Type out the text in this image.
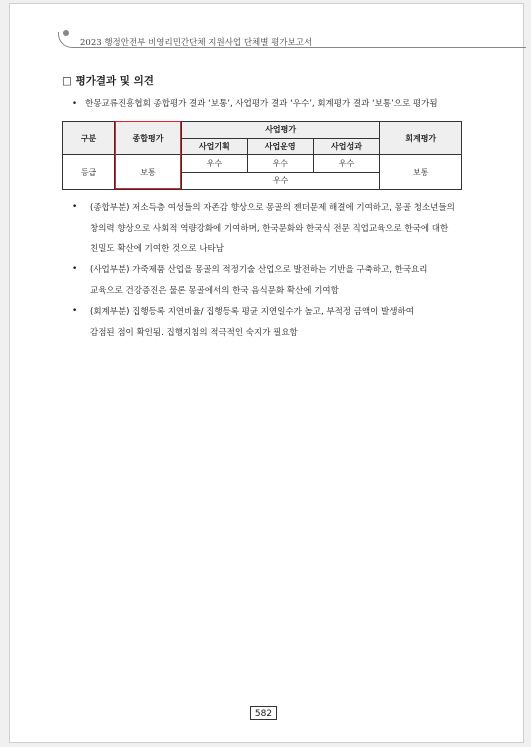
2023 행정안전부 비영리민간단체 지원사업 단체별 평가보고서
□ 평가결과 및 의견
• 한몽교류진흥협회 종합평가 결과 ‘보통’, 사업평가 결과 ‘우수’, 회계평가 결과 ‘보통’으로 평가됨
구분	종합평가	사업평가			회계평가
		사업기획	사업운영	사업성과	
등급	보통	우수	우수	우수	보통
		우수			
• (종합부분) 저소득층 여성들의 자존감 향상으로 몽골의 젠더문제 해결에 기여하고, 몽골 청소년들의
창의력 향상으로 사회적 역량강화에 기여하며, 한국문화와 한국식 전문 직업교육으로 한국에 대한
친밀도 확산에 기여한 것으로 나타남
• (사업부분) 가죽제품 산업을 몽골의 적정기술 산업으로 발전하는 기반을 구축하고, 한국요리
교육으로 건강증진은 물론 몽골에서의 한국 음식문화 확산에 기여함
• (회계부분) 집행등록 지연비율/ 집행등록 평균 지연일수가 높고, 부적정 금액이 발생하여
감점된 점이 확인됨. 집행지침의 적극적인 숙지가 필요함
582
